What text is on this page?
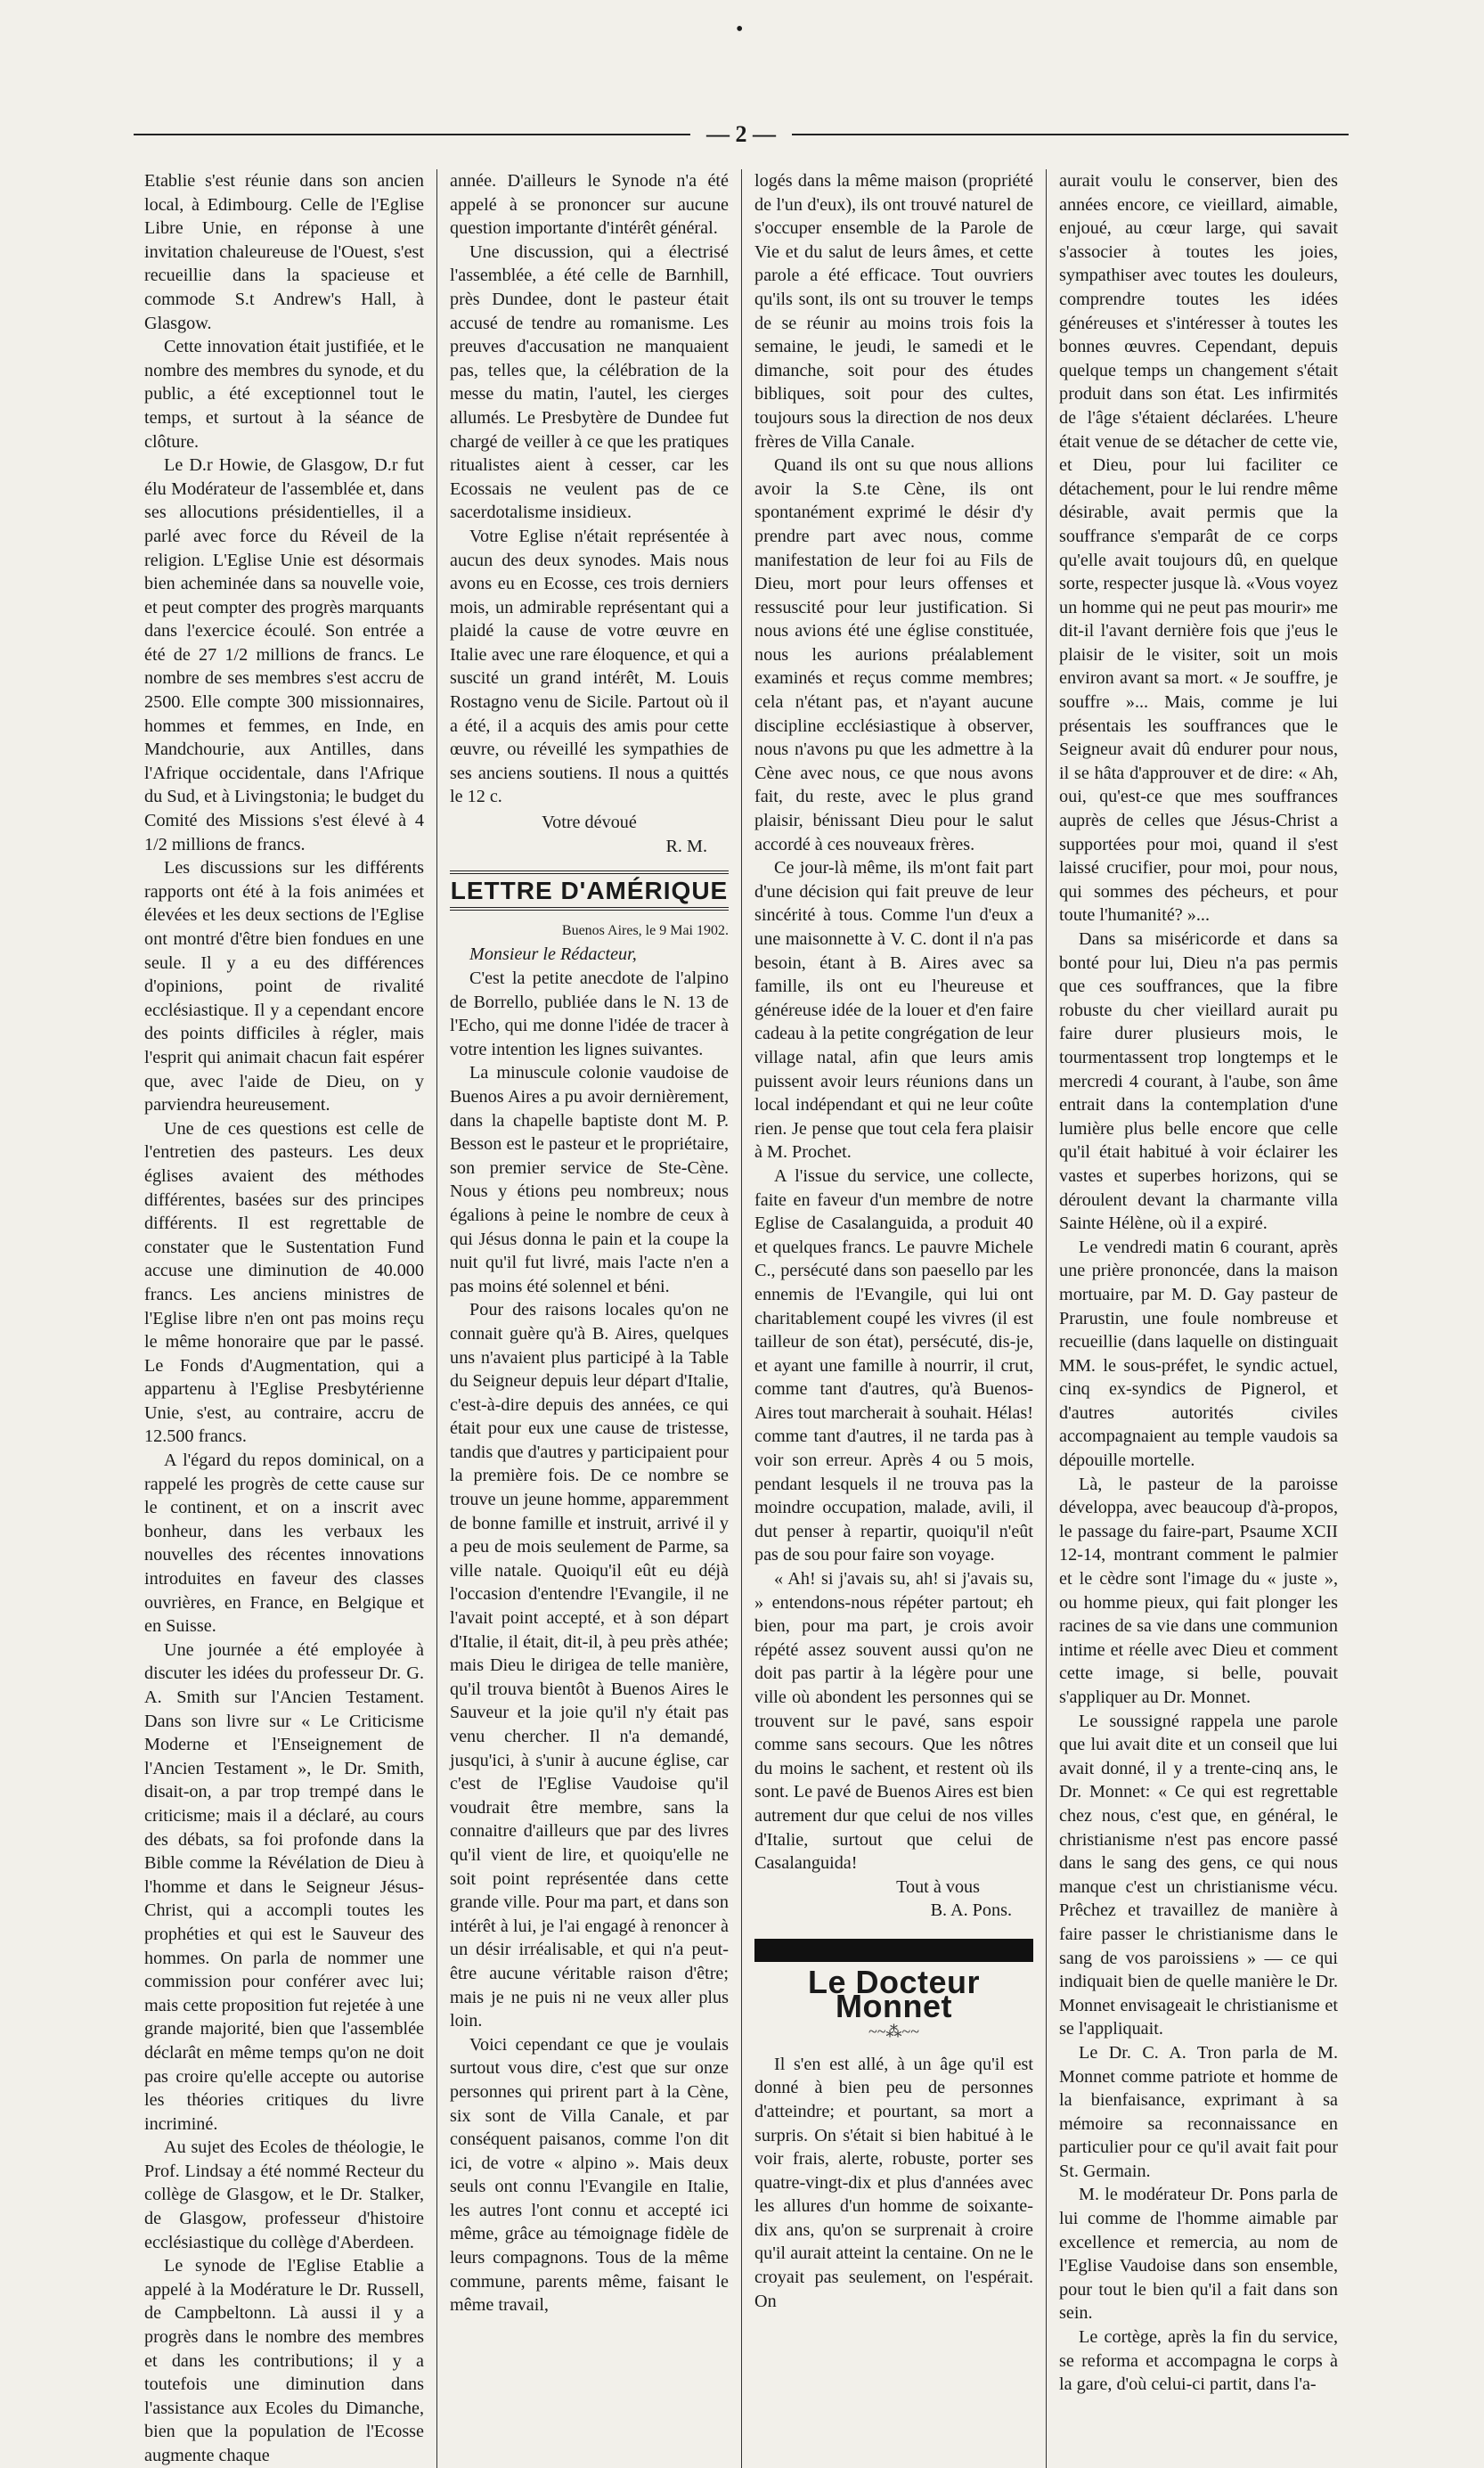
•
— 2 —

Etablie s'est réunie dans son ancien local, à Edimbourg. Celle de l'Eglise Libre Unie, en réponse à une invitation chaleureuse de l'Ouest, s'est recueillie dans la spacieuse et commode S.t Andrew's Hall, à Glasgow.

Cette innovation était justifiée, et le nombre des membres du synode, et du public, a été exceptionnel tout le temps, et surtout à la séance de clôture.

Le D.r Howie, de Glasgow, D.r fut élu Modérateur de l'assemblée et, dans ses allocutions présidentielles, il a parlé avec force du Réveil de la religion. L'Eglise Unie est désormais bien acheminée dans sa nouvelle voie, et peut compter des progrès marquants dans l'exercice écoulé. Son entrée a été de 27 1/2 millions de francs. Le nombre de ses membres s'est accru de 2500. Elle compte 300 missionnaires, hommes et femmes, en Inde, en Mandchourie, aux Antilles, dans l'Afrique occidentale, dans l'Afrique du Sud, et à Livingstonia; le budget du Comité des Missions s'est élevé à 4 1/2 millions de francs.

Les discussions sur les différents rapports ont été à la fois animées et élevées et les deux sections de l'Eglise ont montré d'être bien fondues en une seule. Il y a eu des différences d'opinions, point de rivalité ecclésiastique. Il y a cependant encore des points difficiles à régler, mais l'esprit qui animait chacun fait espérer que, avec l'aide de Dieu, on y parviendra heureusement.

Une de ces questions est celle de l'entretien des pasteurs. Les deux églises avaient des méthodes différentes, basées sur des principes différents. Il est regrettable de constater que le Sustentation Fund accuse une diminution de 40.000 francs. Les anciens ministres de l'Eglise libre n'en ont pas moins reçu le même honoraire que par le passé. Le Fonds d'Augmentation, qui a appartenu à l'Eglise Presbytérienne Unie, s'est, au contraire, accru de 12.500 francs.

A l'égard du repos dominical, on a rappelé les progrès de cette cause sur le continent, et on a inscrit avec bonheur, dans les verbaux les nouvelles des récentes innovations introduites en faveur des classes ouvrières, en France, en Belgique et en Suisse.

Une journée a été employée à discuter les idées du professeur Dr. G. A. Smith sur l'Ancien Testament. Dans son livre sur « Le Criticisme Moderne et l'Enseignement de l'Ancien Testament », le Dr. Smith, disait-on, a par trop trempé dans le criticisme; mais il a déclaré, au cours des débats, sa foi profonde dans la Bible comme la Révélation de Dieu à l'homme et dans le Seigneur Jésus-Christ, qui a accompli toutes les prophéties et qui est le Sauveur des hommes. On parla de nommer une commission pour conférer avec lui; mais cette proposition fut rejetée à une grande majorité, bien que l'assemblée déclarât en même temps qu'on ne doit pas croire qu'elle accepte ou autorise les théories critiques du livre incriminé.

Au sujet des Ecoles de théologie, le Prof. Lindsay a été nommé Recteur du collège de Glasgow, et le Dr. Stalker, de Glasgow, professeur d'histoire ecclésiastique du collège d'Aberdeen.

Le synode de l'Eglise Etablie a appelé à la Modérature le Dr. Russell, de Campbeltonn. Là aussi il y a progrès dans le nombre des membres et dans les contributions; il y a toutefois une diminution dans l'assistance aux Ecoles du Dimanche, bien que la population de l'Ecosse augmente chaque

année. D'ailleurs le Synode n'a été appelé à se prononcer sur aucune question importante d'intérêt général.

Une discussion, qui a électrisé l'assemblée, a été celle de Barnhill, près Dundee, dont le pasteur était accusé de tendre au romanisme. Les preuves d'accusation ne manquaient pas, telles que, la célébration de la messe du matin, l'autel, les cierges allumés. Le Presbytère de Dundee fut chargé de veiller à ce que les pratiques ritualistes aient à cesser, car les Ecossais ne veulent pas de ce sacerdotalisme insidieux.

Votre Eglise n'était représentée à aucun des deux synodes. Mais nous avons eu en Ecosse, ces trois derniers mois, un admirable représentant qui a plaidé la cause de votre œuvre en Italie avec une rare éloquence, et qui a suscité un grand intérêt, M. Louis Rostagno venu de Sicile. Partout où il a été, il a acquis des amis pour cette œuvre, ou réveillé les sympathies de ses anciens soutiens. Il nous a quittés le 12 c.

Votre dévoué

R. M.

LETTRE D'AMÉRIQUE

Buenos Aires, le 9 Mai 1902.

Monsieur le Rédacteur,

C'est la petite anecdote de l'alpino de Borrello, publiée dans le N. 13 de l'Echo, qui me donne l'idée de tracer à votre intention les lignes suivantes.

La minuscule colonie vaudoise de Buenos Aires a pu avoir dernièrement, dans la chapelle baptiste dont M. P. Besson est le pasteur et le propriétaire, son premier service de Ste-Cène. Nous y étions peu nombreux; nous égalions à peine le nombre de ceux à qui Jésus donna le pain et la coupe la nuit qu'il fut livré, mais l'acte n'en a pas moins été solennel et béni.

Pour des raisons locales qu'on ne connait guère qu'à B. Aires, quelques uns n'avaient plus participé à la Table du Seigneur depuis leur départ d'Italie, c'est-à-dire depuis des années, ce qui était pour eux une cause de tristesse, tandis que d'autres y participaient pour la première fois. De ce nombre se trouve un jeune homme, apparemment de bonne famille et instruit, arrivé il y a peu de mois seulement de Parme, sa ville natale. Quoiqu'il eût eu déjà l'occasion d'entendre l'Evangile, il ne l'avait point accepté, et à son départ d'Italie, il était, dit-il, à peu près athée; mais Dieu le dirigea de telle manière, qu'il trouva bientôt à Buenos Aires le Sauveur et la joie qu'il n'y était pas venu chercher. Il n'a demandé, jusqu'ici, à s'unir à aucune église, car c'est de l'Eglise Vaudoise qu'il voudrait être membre, sans la connaitre d'ailleurs que par des livres qu'il vient de lire, et quoiqu'elle ne soit point représentée dans cette grande ville. Pour ma part, et dans son intérêt à lui, je l'ai engagé à renoncer à un désir irréalisable, et qui n'a peut-être aucune véritable raison d'être; mais je ne puis ni ne veux aller plus loin.

Voici cependant ce que je voulais surtout vous dire, c'est que sur onze personnes qui prirent part à la Cène, six sont de Villa Canale, et par conséquent paisanos, comme l'on dit ici, de votre « alpino ». Mais deux seuls ont connu l'Evangile en Italie, les autres l'ont connu et accepté ici même, grâce au témoignage fidèle de leurs compagnons. Tous de la même commune, parents même, faisant le même travail,

logés dans la même maison (propriété de l'un d'eux), ils ont trouvé naturel de s'occuper ensemble de la Parole de Vie et du salut de leurs âmes, et cette parole a été efficace. Tout ouvriers qu'ils sont, ils ont su trouver le temps de se réunir au moins trois fois la semaine, le jeudi, le samedi et le dimanche, soit pour des études bibliques, soit pour des cultes, toujours sous la direction de nos deux frères de Villa Canale.

Quand ils ont su que nous allions avoir la S.te Cène, ils ont spontanément exprimé le désir d'y prendre part avec nous, comme manifestation de leur foi au Fils de Dieu, mort pour leurs offenses et ressuscité pour leur justification. Si nous avions été une église constituée, nous les aurions préalablement examinés et reçus comme membres; cela n'étant pas, et n'ayant aucune discipline ecclésiastique à observer, nous n'avons pu que les admettre à la Cène avec nous, ce que nous avons fait, du reste, avec le plus grand plaisir, bénissant Dieu pour le salut accordé à ces nouveaux frères.

Ce jour-là même, ils m'ont fait part d'une décision qui fait preuve de leur sincérité à tous. Comme l'un d'eux a une maisonnette à V. C. dont il n'a pas besoin, étant à B. Aires avec sa famille, ils ont eu l'heureuse et généreuse idée de la louer et d'en faire cadeau à la petite congrégation de leur village natal, afin que leurs amis puissent avoir leurs réunions dans un local indépendant et qui ne leur coûte rien. Je pense que tout cela fera plaisir à M. Prochet.

A l'issue du service, une collecte, faite en faveur d'un membre de notre Eglise de Casalanguida, a produit 40 et quelques francs. Le pauvre Michele C., persécuté dans son paesello par les ennemis de l'Evangile, qui lui ont charitablement coupé les vivres (il est tailleur de son état), persécuté, dis-je, et ayant une famille à nourrir, il crut, comme tant d'autres, qu'à Buenos-Aires tout marcherait à souhait. Hélas! comme tant d'autres, il ne tarda pas à voir son erreur. Après 4 ou 5 mois, pendant lesquels il ne trouva pas la moindre occupation, malade, avili, il dut penser à repartir, quoiqu'il n'eût pas de sou pour faire son voyage.

« Ah! si j'avais su, ah! si j'avais su, » entendons-nous répéter partout; eh bien, pour ma part, je crois avoir répété assez souvent aussi qu'on ne doit pas partir à la légère pour une ville où abondent les personnes qui se trouvent sur le pavé, sans espoir comme sans secours. Que les nôtres du moins le sachent, et restent où ils sont. Le pavé de Buenos Aires est bien autrement dur que celui de nos villes d'Italie, surtout que celui de Casalanguida!

Tout à vous

B. A. Pons.

Le Docteur Monnet
~~⁂~~

Il s'en est allé, à un âge qu'il est donné à bien peu de personnes d'atteindre; et pourtant, sa mort a surpris. On s'était si bien habitué à le voir frais, alerte, robuste, porter ses quatre-vingt-dix et plus d'années avec les allures d'un homme de soixante-dix ans, qu'on se surprenait à croire qu'il aurait atteint la centaine. On ne le croyait pas seulement, on l'espérait. On

aurait voulu le conserver, bien des années encore, ce vieillard, aimable, enjoué, au cœur large, qui savait s'associer à toutes les joies, sympathiser avec toutes les douleurs, comprendre toutes les idées généreuses et s'intéresser à toutes les bonnes œuvres. Cependant, depuis quelque temps un changement s'était produit dans son état. Les infirmités de l'âge s'étaient déclarées. L'heure était venue de se détacher de cette vie, et Dieu, pour lui faciliter ce détachement, pour le lui rendre même désirable, avait permis que la souffrance s'emparât de ce corps qu'elle avait toujours dû, en quelque sorte, respecter jusque là. «Vous voyez un homme qui ne peut pas mourir» me dit-il l'avant dernière fois que j'eus le plaisir de le visiter, soit un mois environ avant sa mort. « Je souffre, je souffre »... Mais, comme je lui présentais les souffrances que le Seigneur avait dû endurer pour nous, il se hâta d'approuver et de dire: « Ah, oui, qu'est-ce que mes souffrances auprès de celles que Jésus-Christ a supportées pour moi, quand il s'est laissé crucifier, pour moi, pour nous, qui sommes des pécheurs, et pour toute l'humanité? »...

Dans sa miséricorde et dans sa bonté pour lui, Dieu n'a pas permis que ces souffrances, que la fibre robuste du cher vieillard aurait pu faire durer plusieurs mois, le tourmentassent trop longtemps et le mercredi 4 courant, à l'aube, son âme entrait dans la contemplation d'une lumière plus belle encore que celle qu'il était habitué à voir éclairer les vastes et superbes horizons, qui se déroulent devant la charmante villa Sainte Hélène, où il a expiré.

Le vendredi matin 6 courant, après une prière prononcée, dans la maison mortuaire, par M. D. Gay pasteur de Prarustin, une foule nombreuse et recueillie (dans laquelle on distinguait MM. le sous-préfet, le syndic actuel, cinq ex-syndics de Pignerol, et d'autres autorités civiles accompagnaient au temple vaudois sa dépouille mortelle.

Là, le pasteur de la paroisse développa, avec beaucoup d'à-propos, le passage du faire-part, Psaume XCII 12-14, montrant comment le palmier et le cèdre sont l'image du « juste », ou homme pieux, qui fait plonger les racines de sa vie dans une communion intime et réelle avec Dieu et comment cette image, si belle, pouvait s'appliquer au Dr. Monnet.

Le soussigné rappela une parole que lui avait dite et un conseil que lui avait donné, il y a trente-cinq ans, le Dr. Monnet: « Ce qui est regrettable chez nous, c'est que, en général, le christianisme n'est pas encore passé dans le sang des gens, ce qui nous manque c'est un christianisme vécu. Prêchez et travaillez de manière à faire passer le christianisme dans le sang de vos paroissiens » — ce qui indiquait bien de quelle manière le Dr. Monnet envisageait le christianisme et se l'appliquait.

Le Dr. C. A. Tron parla de M. Monnet comme patriote et homme de la bienfaisance, exprimant à sa mémoire sa reconnaissance en particulier pour ce qu'il avait fait pour St. Germain.

M. le modérateur Dr. Pons parla de lui comme de l'homme aimable par excellence et remercia, au nom de l'Eglise Vaudoise dans son ensemble, pour tout le bien qu'il a fait dans son sein.

Le cortège, après la fin du service, se reforma et accompagna le corps à la gare, d'où celui-ci partit, dans l'a-
